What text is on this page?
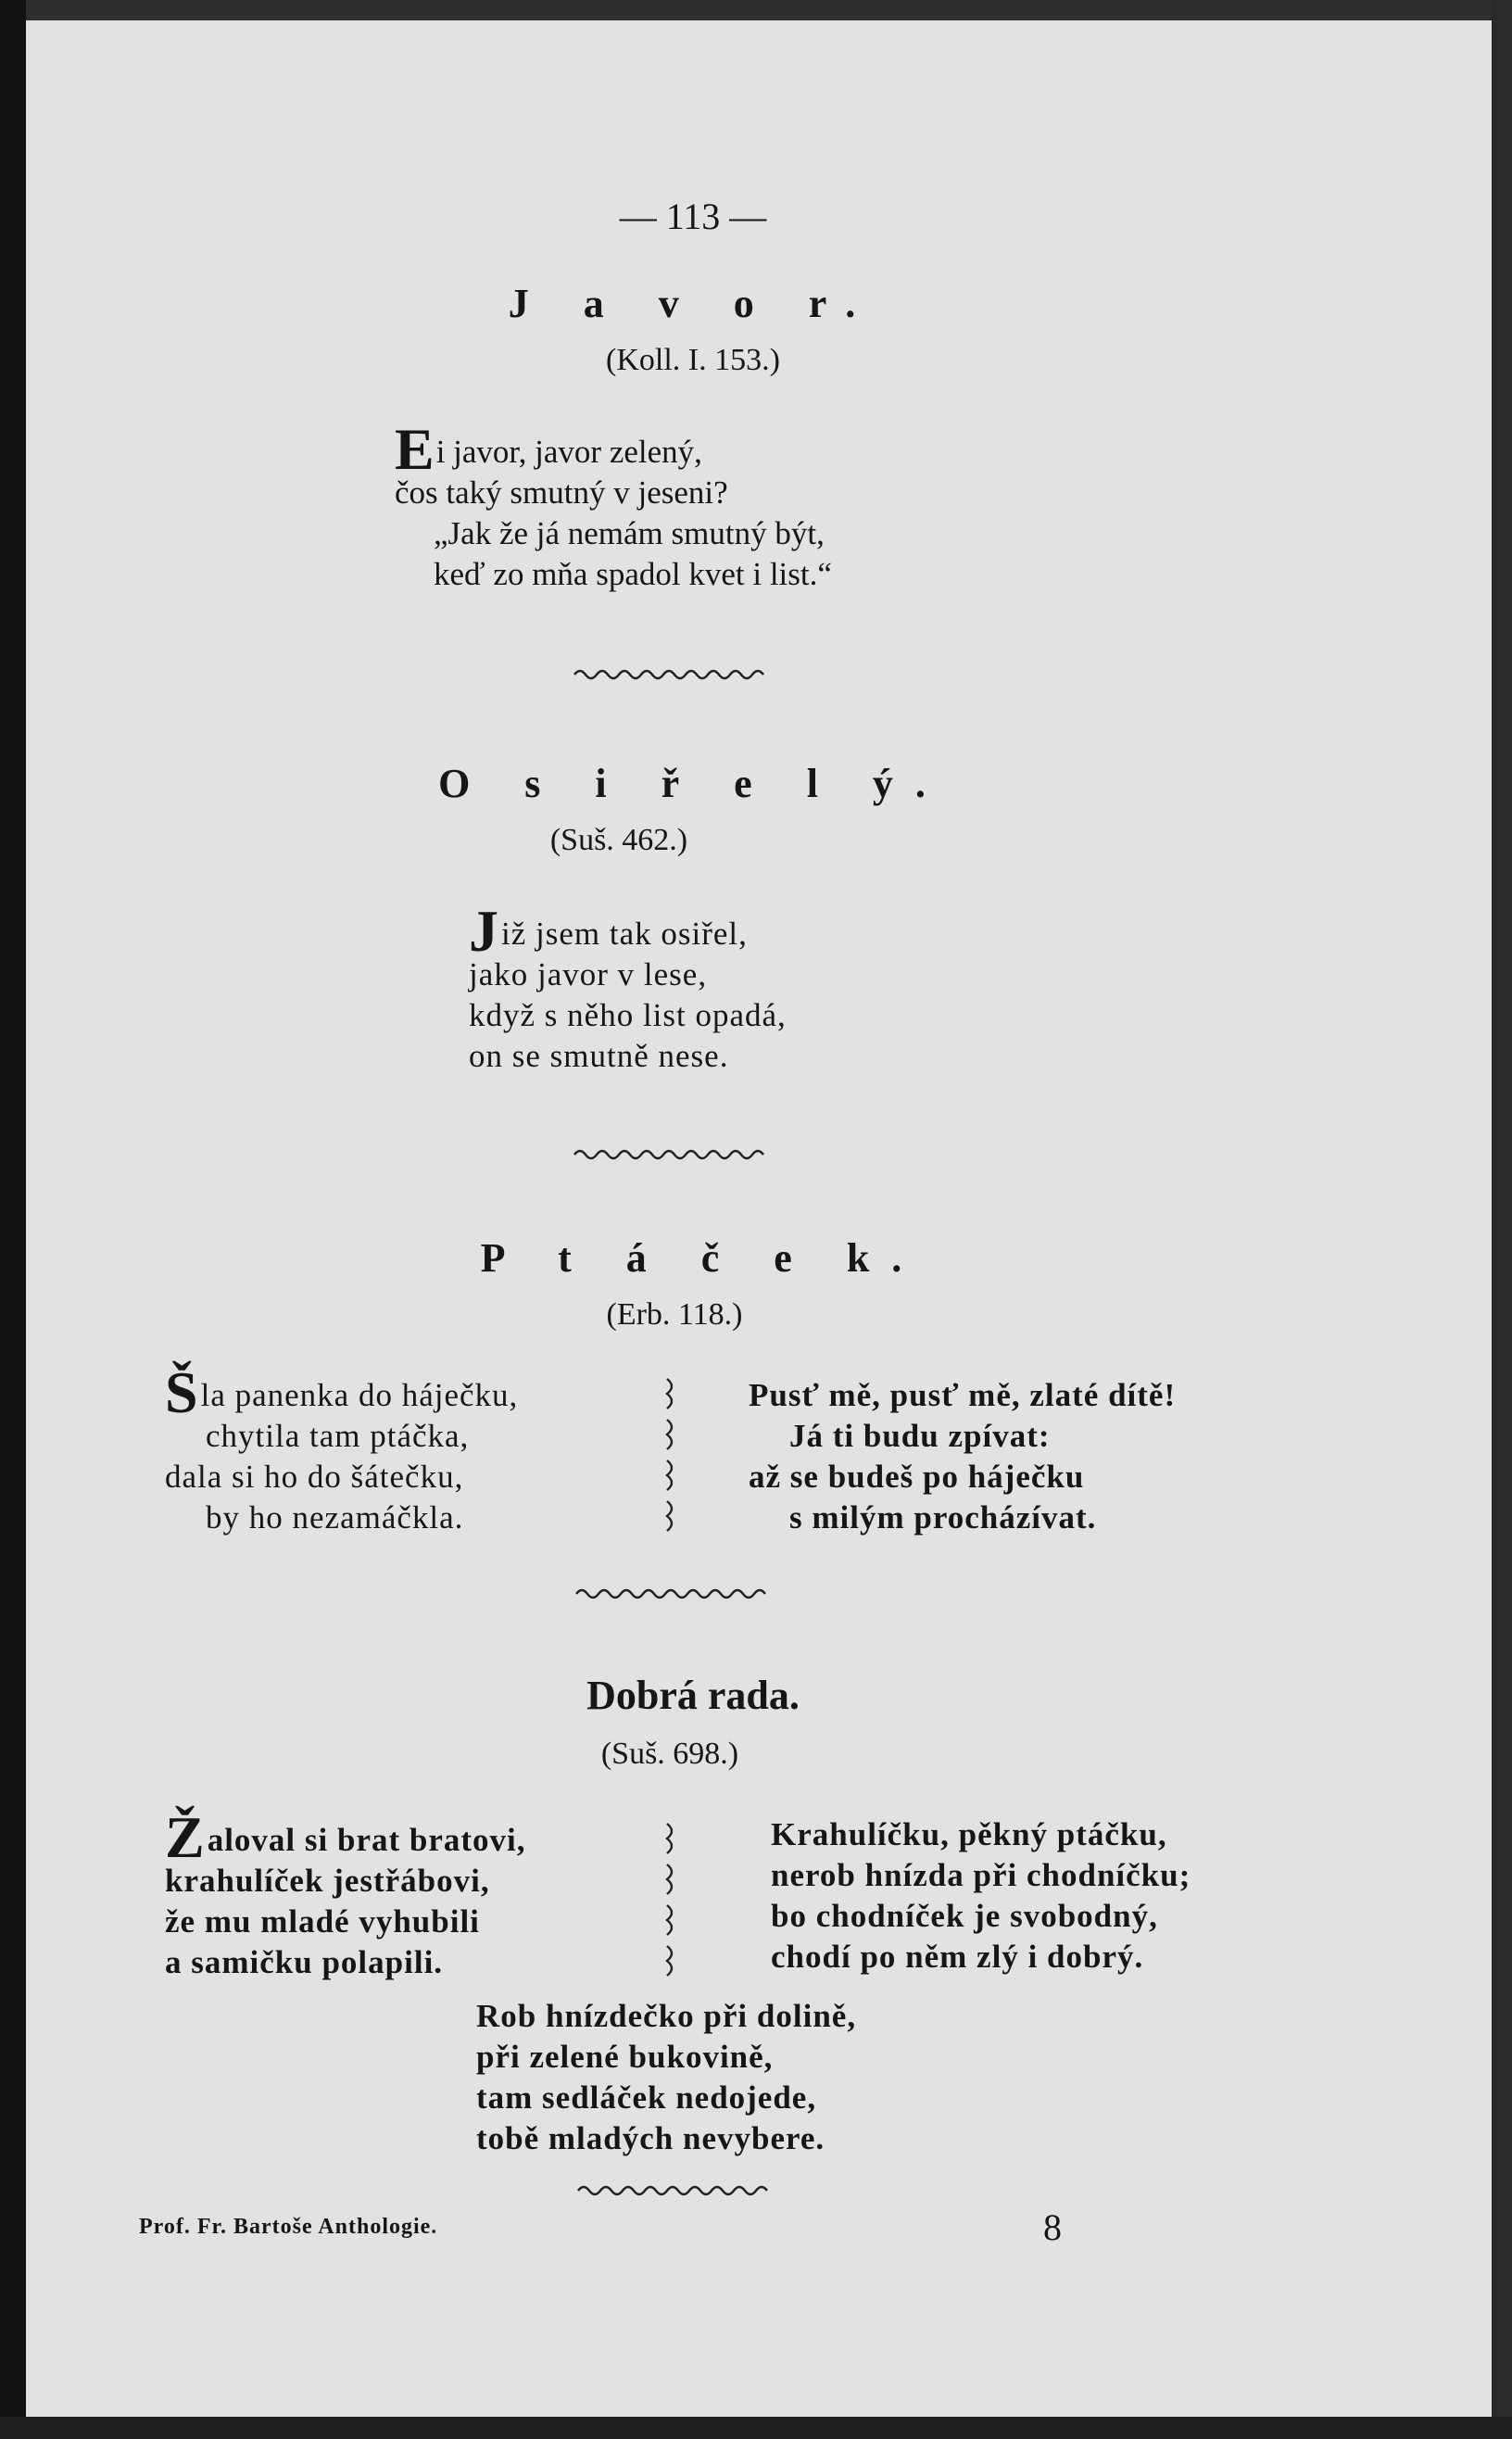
— 113 —
J a v o r.
(Koll. I. 153.)
Ei javor, javor zelený,
čos taký smutný v jeseni?
„Jak že já nemám smutný být,
keď zo mňa spadol kvet i list.“
O s i ř e l ý.
(Suš. 462.)
Již jsem tak osiřel,
jako javor v lese,
když s něho list opadá,
on se smutně nese.
P t á č e k.
(Erb. 118.)
Šla panenka do háječku,
chytila tam ptáčka,
dala si ho do šátečku,
by ho nezamáčkla.
Pusť mě, pusť mě, zlaté dítě!
Já ti budu zpívat:
až se budeš po háječku
s milým procházívat.
Dobrá rada.
(Suš. 698.)
Žaloval si brat bratovi,
krahulíček jestřábovi,
že mu mladé vyhubili
a samičku polapili.
Krahulíčku, pěkný ptáčku,
nerob hnízda při chodníčku;
bo chodníček je svobodný,
chodí po něm zlý i dobrý.
Rob hnízdečko při dolině,
při zelené bukovině,
tam sedláček nedojede,
tobě mladých nevybere.
Prof. Fr. Bartoše Anthologie.	8
